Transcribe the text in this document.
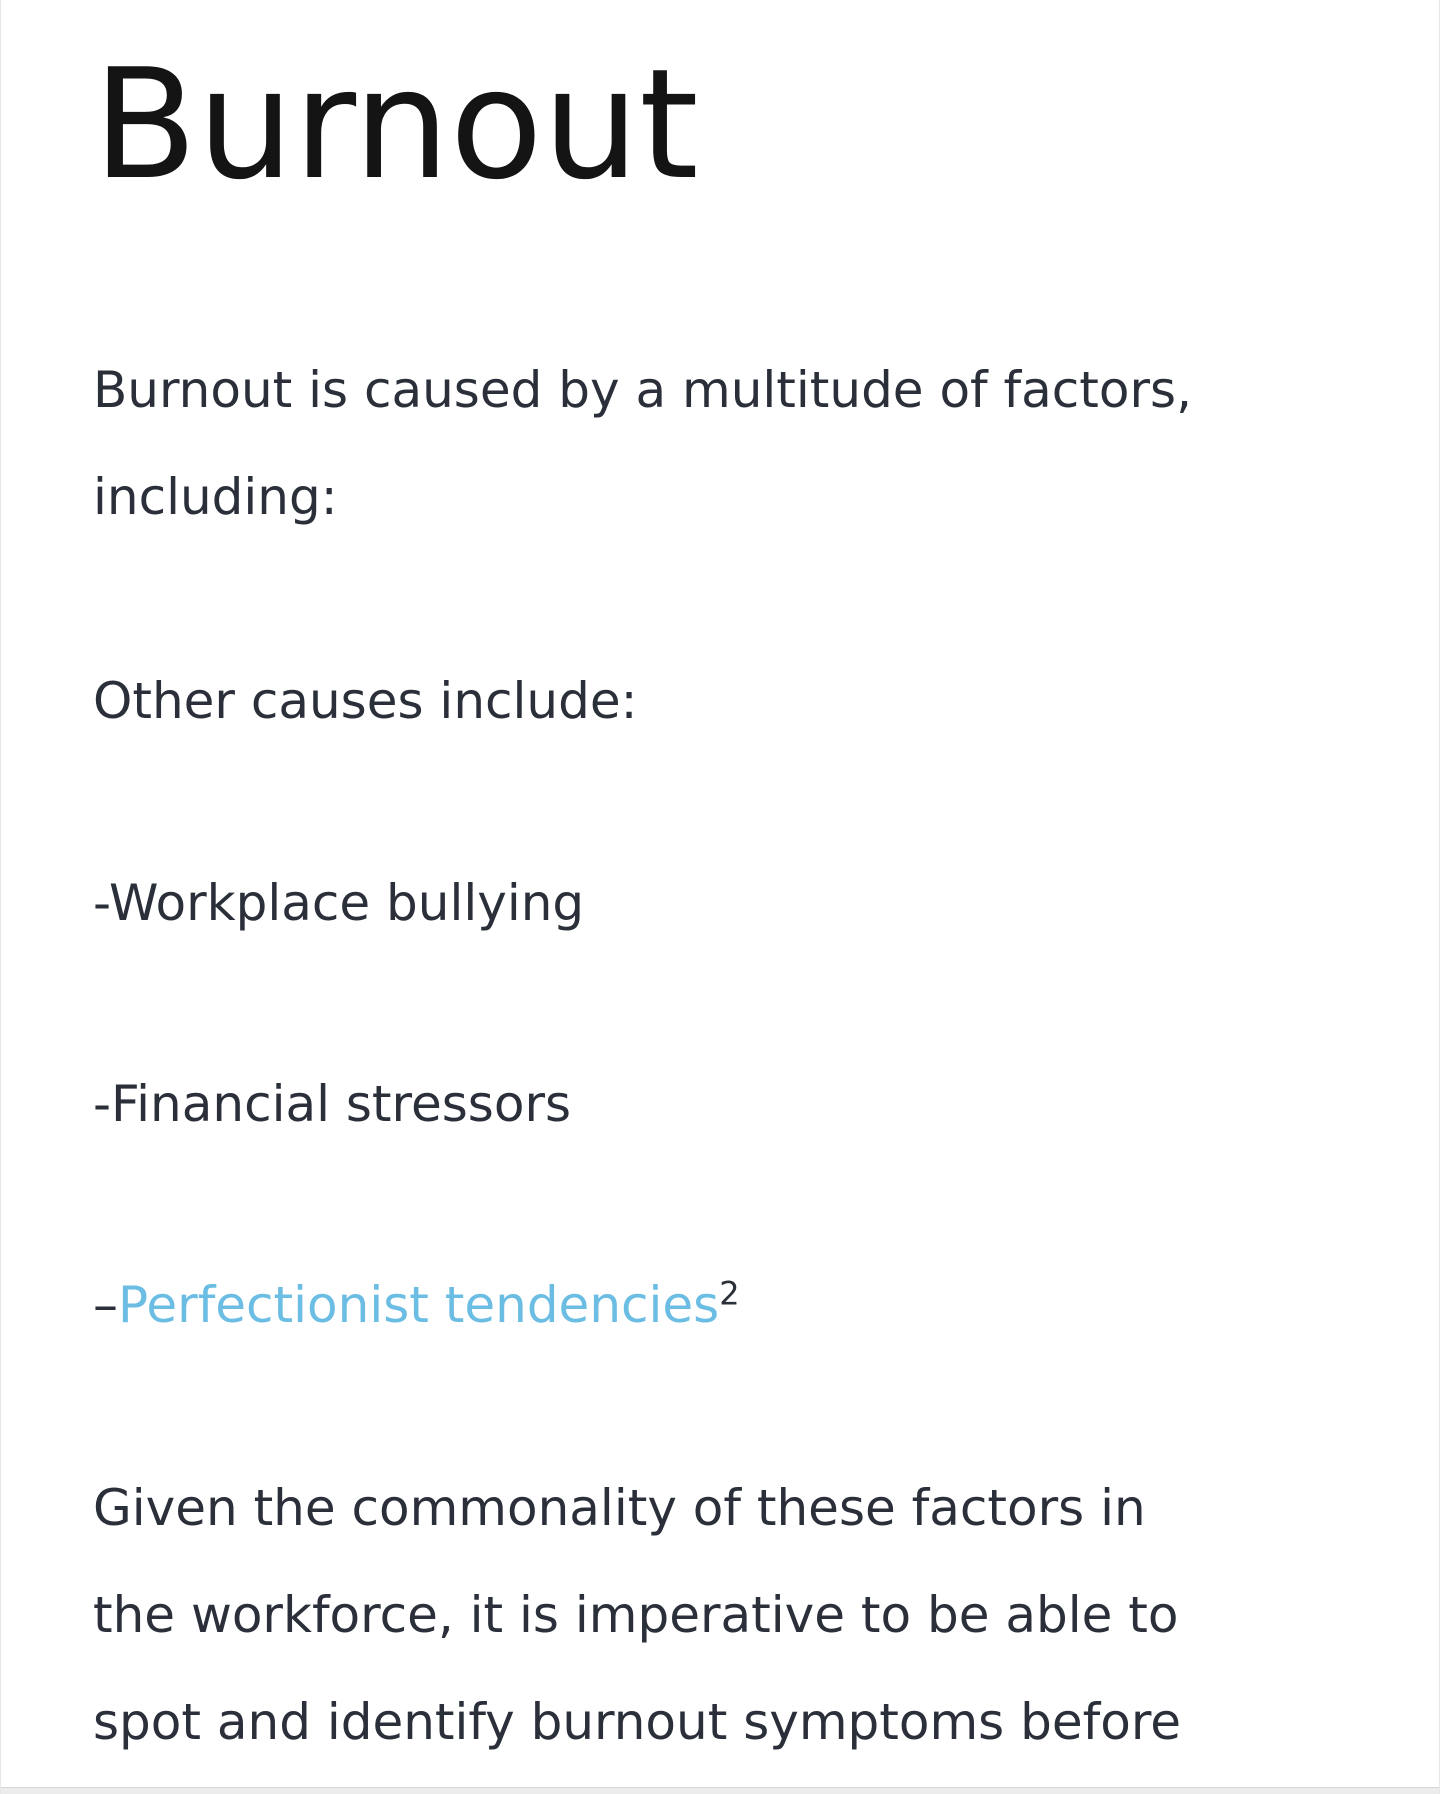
Burnout
Burnout is caused by a multitude of factors,
including:
Other causes include:
-Workplace bullying
-Financial stressors
–Perfectionist tendencies$^2$
Given the commonality of these factors in
the workforce, it is imperative to be able to
spot and identify burnout symptoms before
